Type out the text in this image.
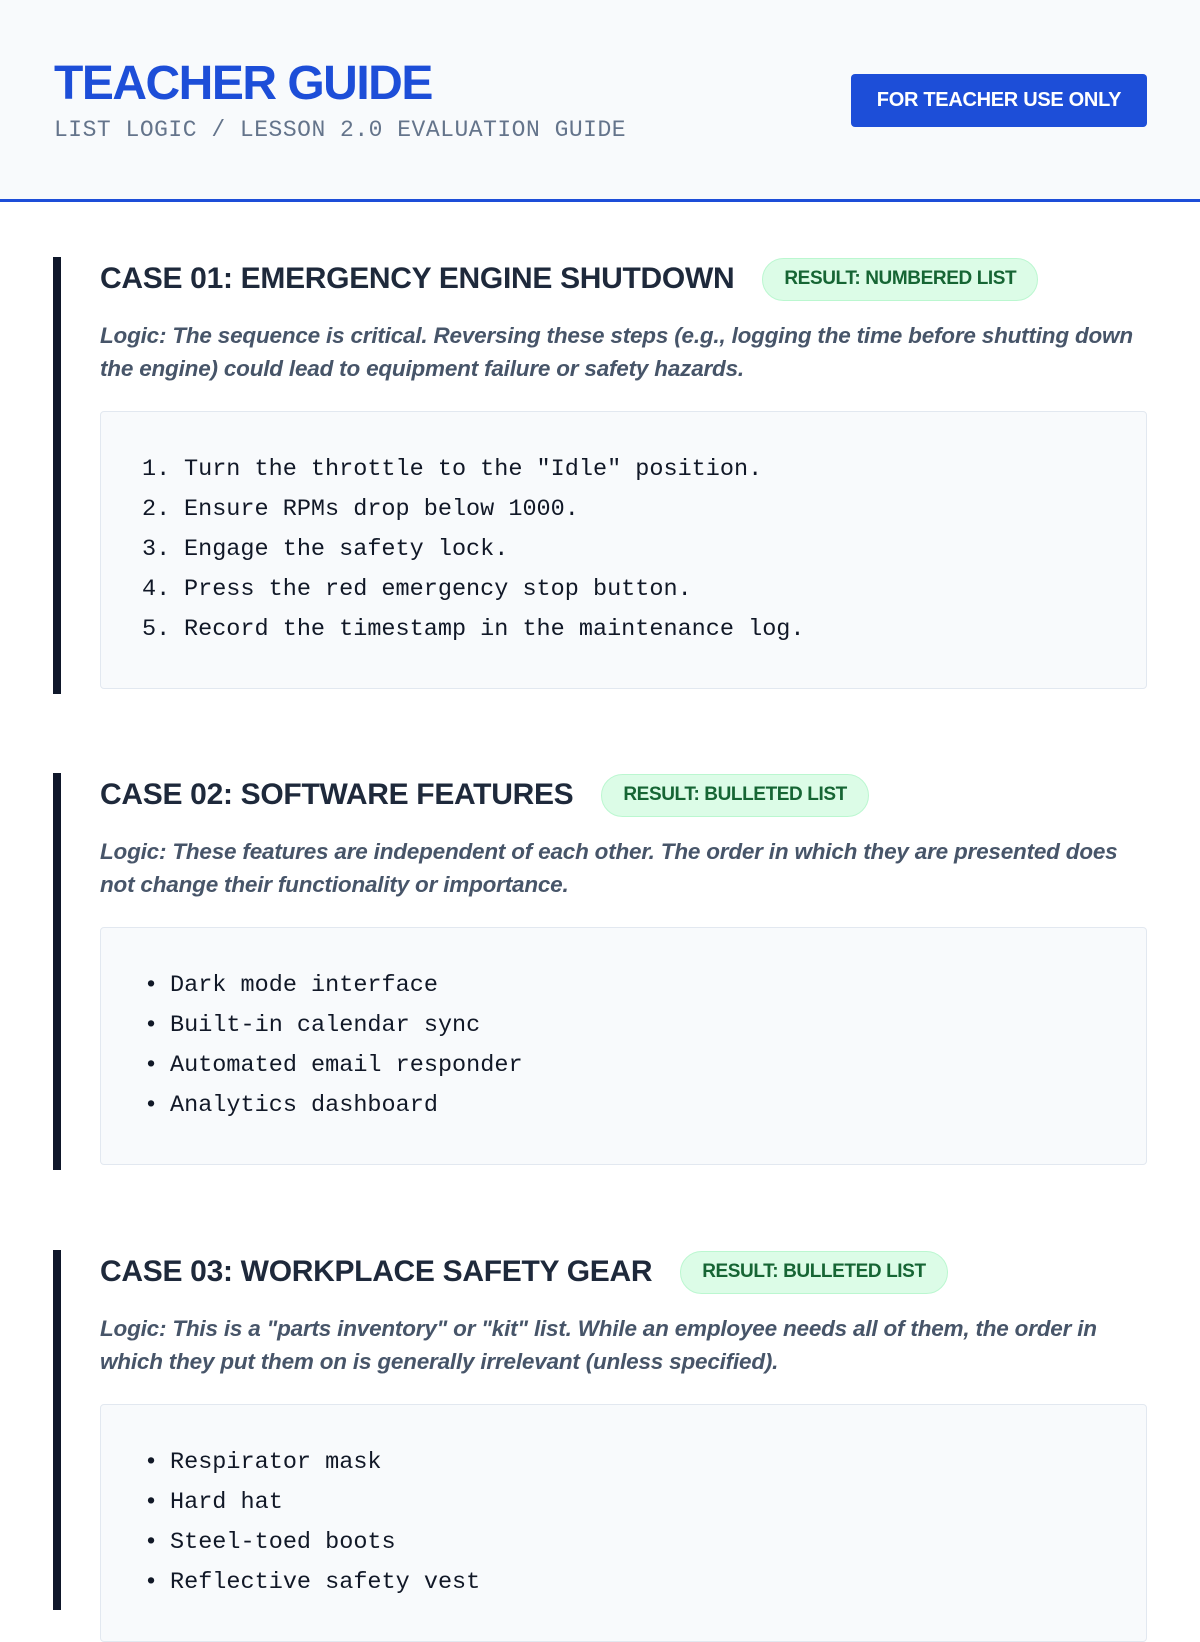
TEACHER GUIDE
LIST LOGIC / LESSON 2.0 EVALUATION GUIDE
FOR TEACHER USE ONLY
CASE 01: EMERGENCY ENGINE SHUTDOWN	RESULT: NUMBERED LIST
Logic: The sequence is critical. Reversing these steps (e.g., logging the time before shutting down the engine) could lead to equipment failure or safety hazards.
1. Turn the throttle to the "Idle" position.
2. Ensure RPMs drop below 1000.
3. Engage the safety lock.
4. Press the red emergency stop button.
5. Record the timestamp in the maintenance log.
CASE 02: SOFTWARE FEATURES	RESULT: BULLETED LIST
Logic: These features are independent of each other. The order in which they are presented does not change their functionality or importance.
• Dark mode interface
• Built-in calendar sync
• Automated email responder
• Analytics dashboard
CASE 03: WORKPLACE SAFETY GEAR	RESULT: BULLETED LIST
Logic: This is a "parts inventory" or "kit" list. While an employee needs all of them, the order in which they put them on is generally irrelevant (unless specified).
• Respirator mask
• Hard hat
• Steel-toed boots
• Reflective safety vest
